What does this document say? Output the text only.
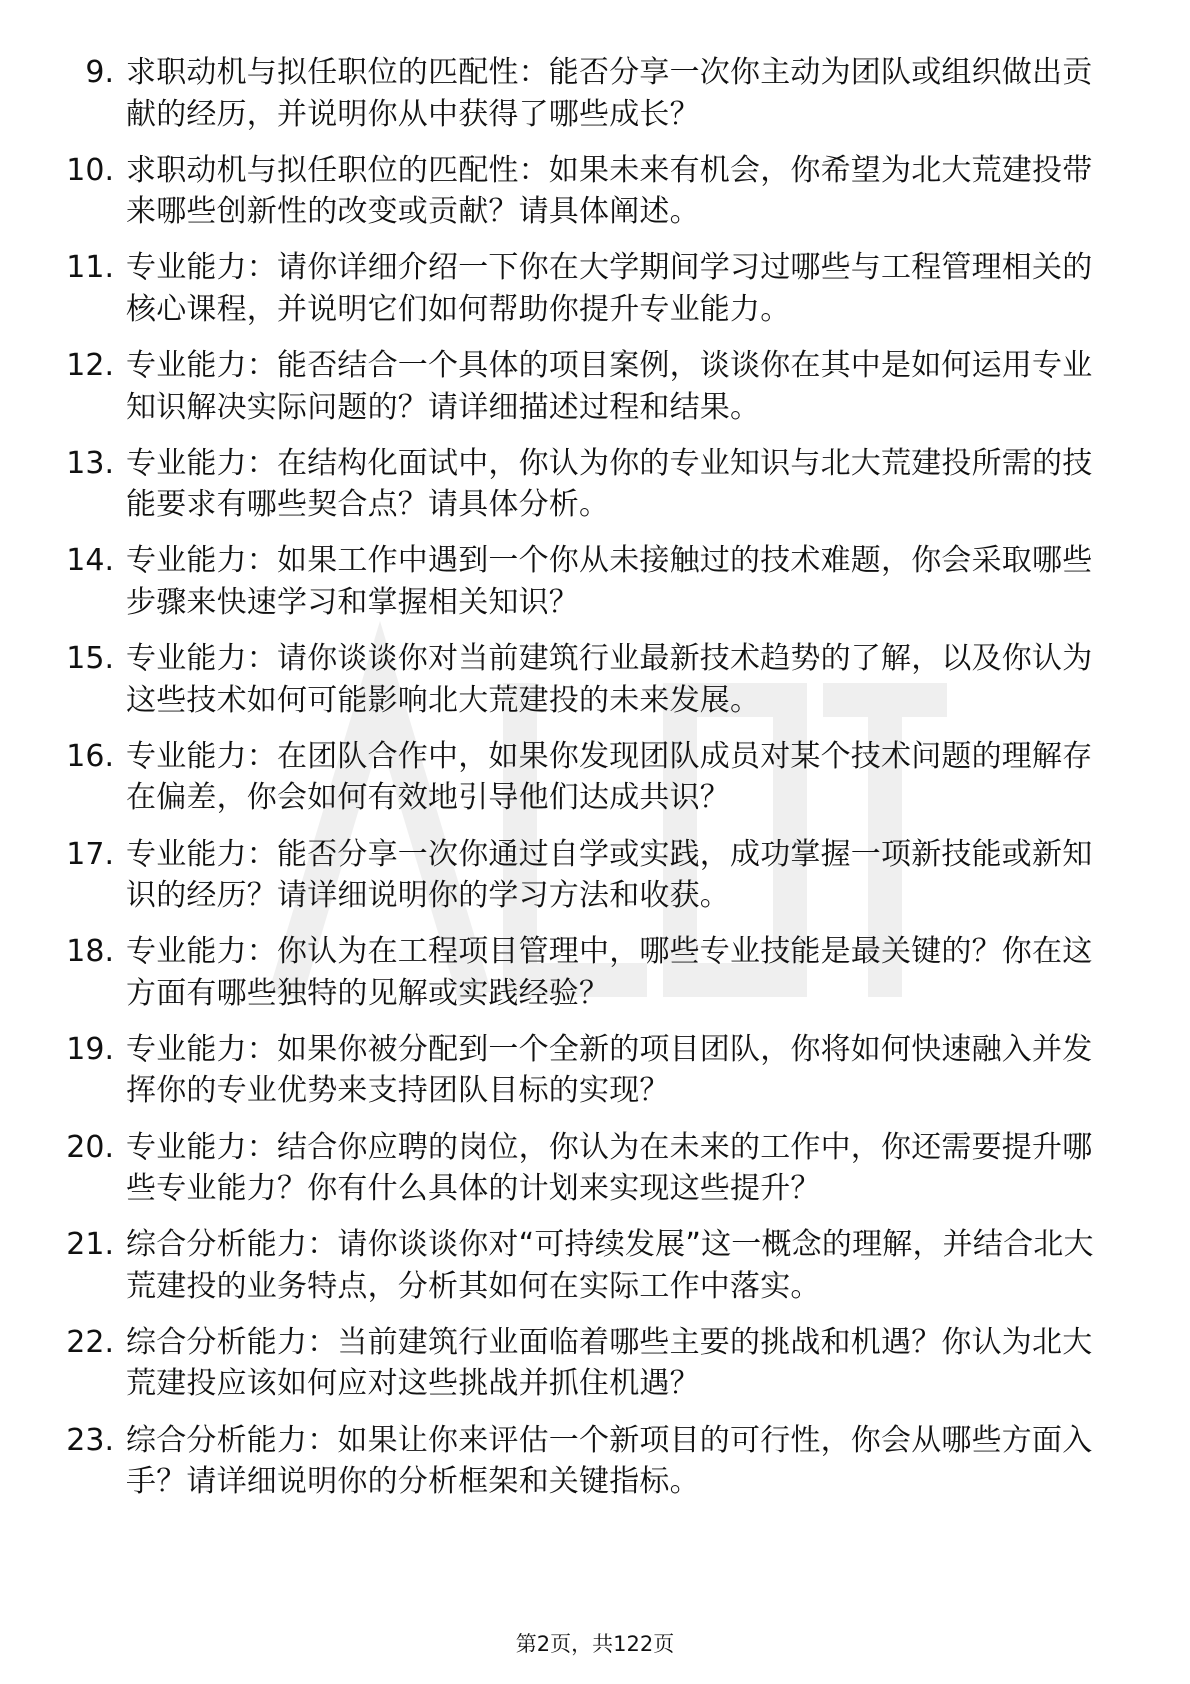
9. 求职动机与拟任职位的匹配性：能否分享一次你主动为团队或组织做出贡献的经历，并说明你从中获得了哪些成长？
10. 求职动机与拟任职位的匹配性：如果未来有机会，你希望为北大荒建投带来哪些创新性的改变或贡献？请具体阐述。
11. 专业能力：请你详细介绍一下你在大学期间学习过哪些与工程管理相关的核心课程，并说明它们如何帮助你提升专业能力。
12. 专业能力：能否结合一个具体的项目案例，谈谈你在其中是如何运用专业知识解决实际问题的？请详细描述过程和结果。
13. 专业能力：在结构化面试中，你认为你的专业知识与北大荒建投所需的技能要求有哪些契合点？请具体分析。
14. 专业能力：如果工作中遇到一个你从未接触过的技术难题，你会采取哪些步骤来快速学习和掌握相关知识？
15. 专业能力：请你谈谈你对当前建筑行业最新技术趋势的了解，以及你认为这些技术如何可能影响北大荒建投的未来发展。
16. 专业能力：在团队合作中，如果你发现团队成员对某个技术问题的理解存在偏差，你会如何有效地引导他们达成共识？
17. 专业能力：能否分享一次你通过自学或实践，成功掌握一项新技能或新知识的经历？请详细说明你的学习方法和收获。
18. 专业能力：你认为在工程项目管理中，哪些专业技能是最关键的？你在这方面有哪些独特的见解或实践经验？
19. 专业能力：如果你被分配到一个全新的项目团队，你将如何快速融入并发挥你的专业优势来支持团队目标的实现？
20. 专业能力：结合你应聘的岗位，你认为在未来的工作中，你还需要提升哪些专业能力？你有什么具体的计划来实现这些提升？
21. 综合分析能力：请你谈谈你对“可持续发展”这一概念的理解，并结合北大荒建投的业务特点，分析其如何在实际工作中落实。
22. 综合分析能力：当前建筑行业面临着哪些主要的挑战和机遇？你认为北大荒建投应该如何应对这些挑战并抓住机遇？
23. 综合分析能力：如果让你来评估一个新项目的可行性，你会从哪些方面入手？请详细说明你的分析框架和关键指标。
第2页，共122页
